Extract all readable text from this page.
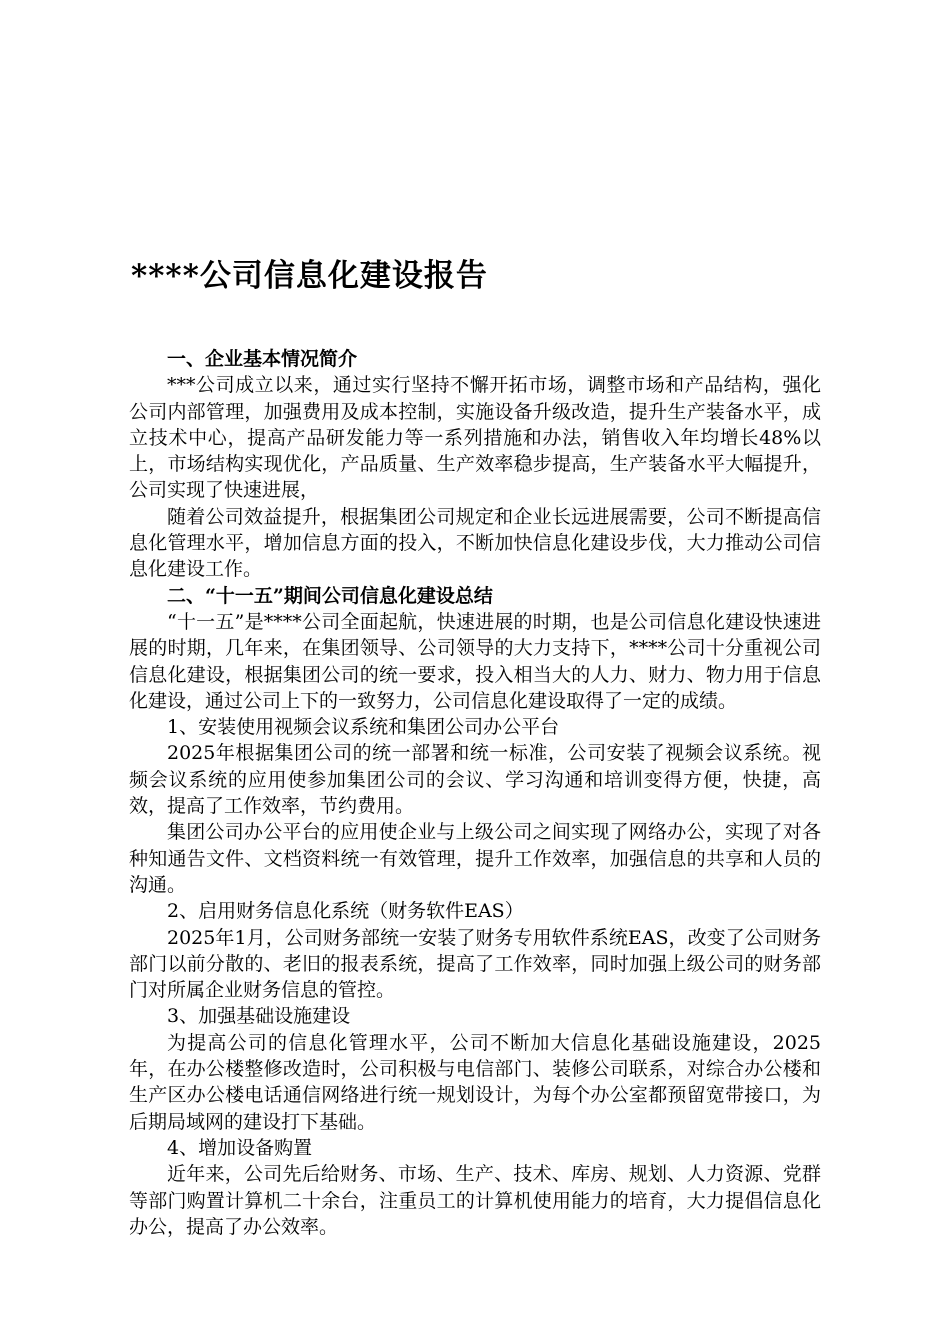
****公司信息化建设报告

一、企业基本情况简介

***公司成立以来，通过实行坚持不懈开拓市场，调整市场和产品结构，强化公司内部管理，加强费用及成本控制，实施设备升级改造，提升生产装备水平，成立技术中心，提高产品研发能力等一系列措施和办法，销售收入年均增长48%以上，市场结构实现优化，产品质量、生产效率稳步提高，生产装备水平大幅提升，公司实现了快速进展，

随着公司效益提升，根据集团公司规定和企业长远进展需要，公司不断提高信息化管理水平，增加信息方面的投入，不断加快信息化建设步伐，大力推动公司信息化建设工作。

二、“十一五”期间公司信息化建设总结

“十一五”是****公司全面起航，快速进展的时期，也是公司信息化建设快速进展的时期，几年来，在集团领导、公司领导的大力支持下，****公司十分重视公司信息化建设，根据集团公司的统一要求，投入相当大的人力、财力、物力用于信息化建设，通过公司上下的一致努力，公司信息化建设取得了一定的成绩。

1、安装使用视频会议系统和集团公司办公平台

2025年根据集团公司的统一部署和统一标准，公司安装了视频会议系统。视频会议系统的应用使参加集团公司的会议、学习沟通和培训变得方便，快捷，高效，提高了工作效率，节约费用。

集团公司办公平台的应用使企业与上级公司之间实现了网络办公，实现了对各种知通告文件、文档资料统一有效管理，提升工作效率，加强信息的共享和人员的沟通。

2、启用财务信息化系统（财务软件EAS）

2025年1月，公司财务部统一安装了财务专用软件系统EAS，改变了公司财务部门以前分散的、老旧的报表系统，提高了工作效率，同时加强上级公司的财务部门对所属企业财务信息的管控。

3、加强基础设施建设

为提高公司的信息化管理水平，公司不断加大信息化基础设施建设，2025年，在办公楼整修改造时，公司积极与电信部门、装修公司联系，对综合办公楼和生产区办公楼电话通信网络进行统一规划设计，为每个办公室都预留宽带接口，为后期局域网的建设打下基础。

4、增加设备购置

近年来，公司先后给财务、市场、生产、技术、库房、规划、人力资源、党群等部门购置计算机二十余台，注重员工的计算机使用能力的培育，大力提倡信息化办公，提高了办公效率。
